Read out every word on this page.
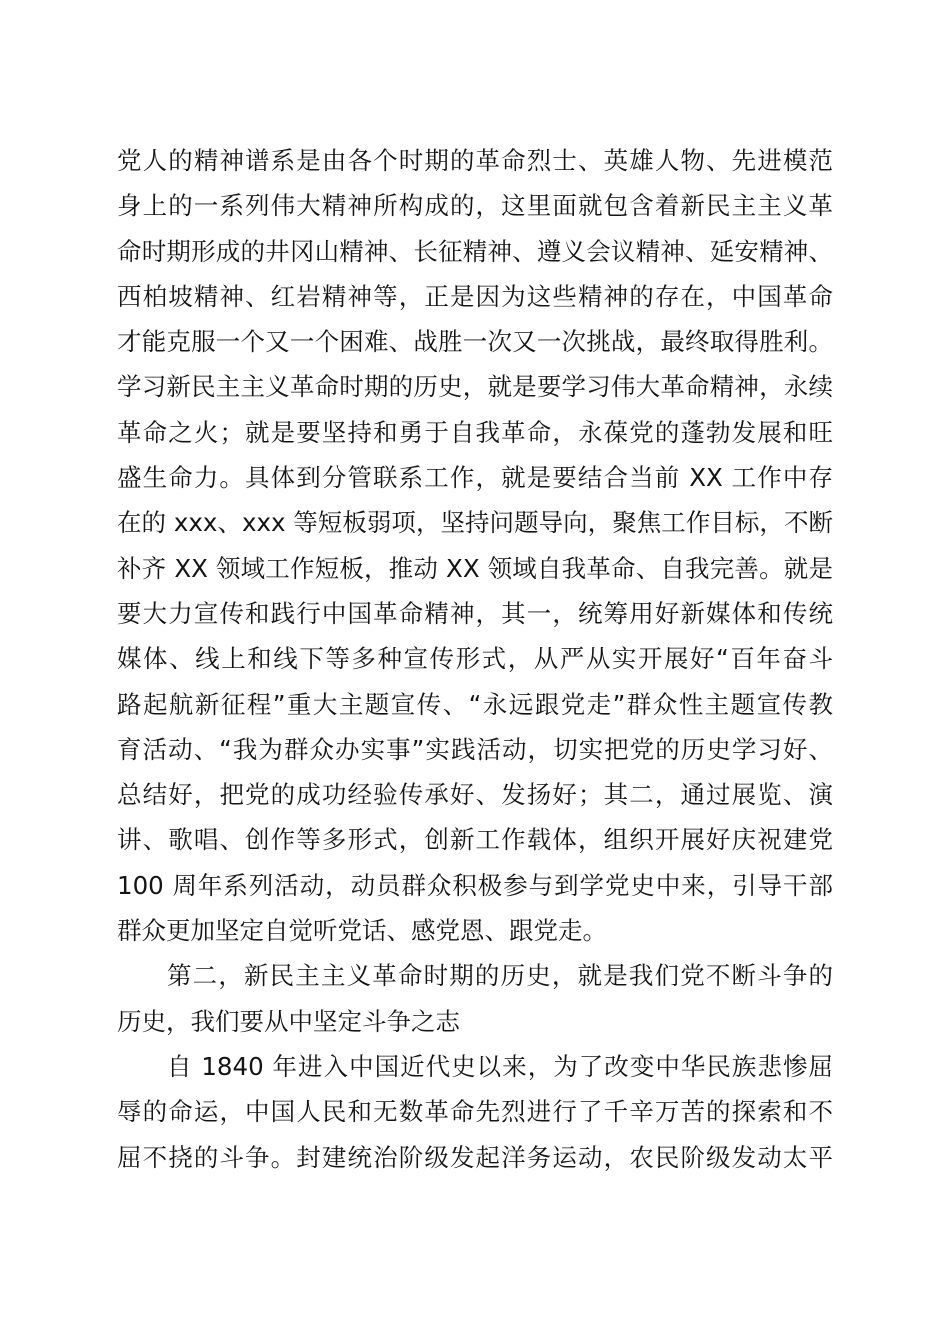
党人的精神谱系是由各个时期的革命烈士、英雄人物、先进模范
身上的一系列伟大精神所构成的，这里面就包含着新民主主义革
命时期形成的井冈山精神、长征精神、遵义会议精神、延安精神、
西柏坡精神、红岩精神等，正是因为这些精神的存在，中国革命
才能克服一个又一个困难、战胜一次又一次挑战，最终取得胜利。
学习新民主主义革命时期的历史，就是要学习伟大革命精神，永续
革命之火；就是要坚持和勇于自我革命，永葆党的蓬勃发展和旺
盛生命力。具体到分管联系工作，就是要结合当前 XX 工作中存
在的 xxx、xxx 等短板弱项，坚持问题导向，聚焦工作目标，不断
补齐 XX 领域工作短板，推动 XX 领域自我革命、自我完善。就是
要大力宣传和践行中国革命精神，其一，统筹用好新媒体和传统
媒体、线上和线下等多种宣传形式，从严从实开展好“百年奋斗
路起航新征程”重大主题宣传、“永远跟党走”群众性主题宣传教
育活动、“我为群众办实事”实践活动，切实把党的历史学习好、
总结好，把党的成功经验传承好、发扬好；其二，通过展览、演
讲、歌唱、创作等多形式，创新工作载体，组织开展好庆祝建党
100 周年系列活动，动员群众积极参与到学党史中来，引导干部
群众更加坚定自觉听党话、感党恩、跟党走。
第二，新民主主义革命时期的历史，就是我们党不断斗争的
历史，我们要从中坚定斗争之志
自 1840 年进入中国近代史以来，为了改变中华民族悲惨屈
辱的命运，中国人民和无数革命先烈进行了千辛万苦的探索和不
屈不挠的斗争。封建统治阶级发起洋务运动，农民阶级发动太平
